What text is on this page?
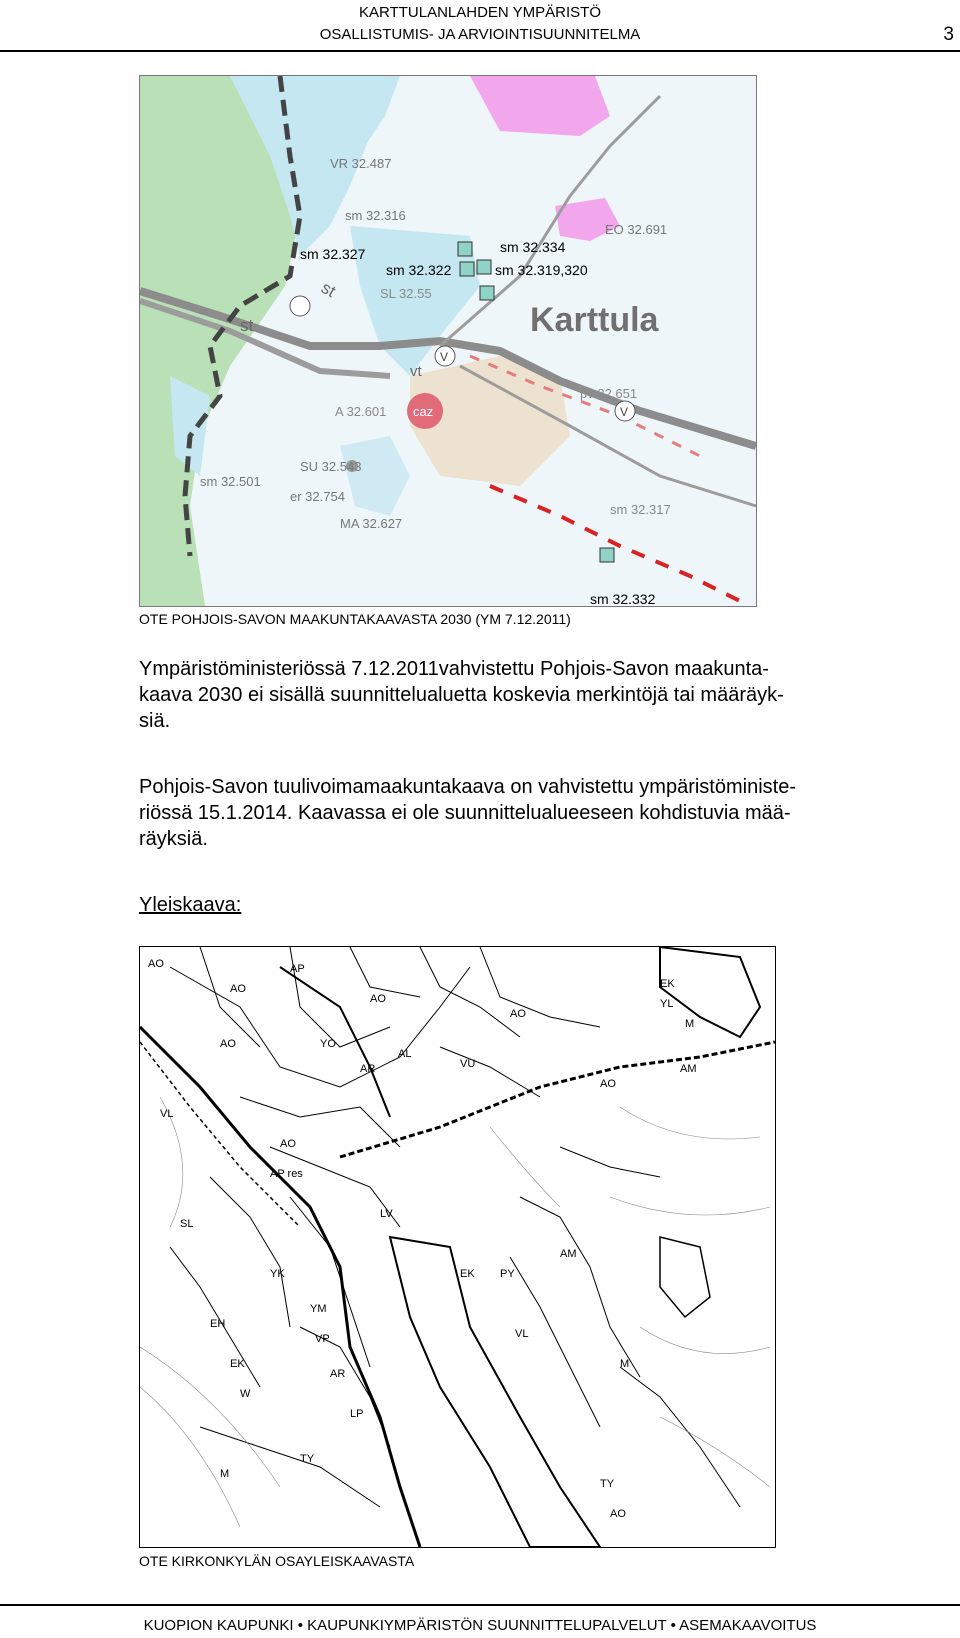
KARTTULANLAHDEN YMPÄRISTÖ
OSALLISTUMIS- JA ARVIOINTISUUNNITELMA	3
sm 32.327	sm 32.334
sm 32.322	sm 32.319,320
sm 32.316
VR 32.487
EO 32.691
st
st
vt
sm 32.317
sm 32.332
sm 32.501
SU 32.543
er 32.754
MA 32.627
A 32.601
pv 32.651
SL 32.55
caz
V
V
Karttula
OTE POHJOIS-SAVON MAAKUNTAKAAVASTA 2030 (YM 7.12.2011)
Ympäristöministeriössä 7.12.2011vahvistettu Pohjois-Savon maakunta-
kaava 2030 ei sisällä suunnittelualuetta koskevia merkintöjä tai määräyk-
siä.
Pohjois-Savon tuulivoimamaakuntakaava on vahvistettu ympäristöministe-
riössä 15.1.2014. Kaavassa ei ole suunnittelualueeseen kohdistuvia mää-
räyksiä.
Yleiskaava:
AO
AO
AP
AO
AO
YO
AR
AL
VU
AO
AO
AM
EK
M
VL
SL
AO
AP res
LV
EK
YK
YM
VP
AR
LP
EH
EK
W
TY
AM
VL
M
TY
AO
YL
M
PY
OTE KIRKONKYLÄN OSAYLEISKAAVASTA
KUOPION KAUPUNKI • KAUPUNKIYMPÄRISTÖN SUUNNITTELUPALVELUT • ASEMAKAAVOITUS
